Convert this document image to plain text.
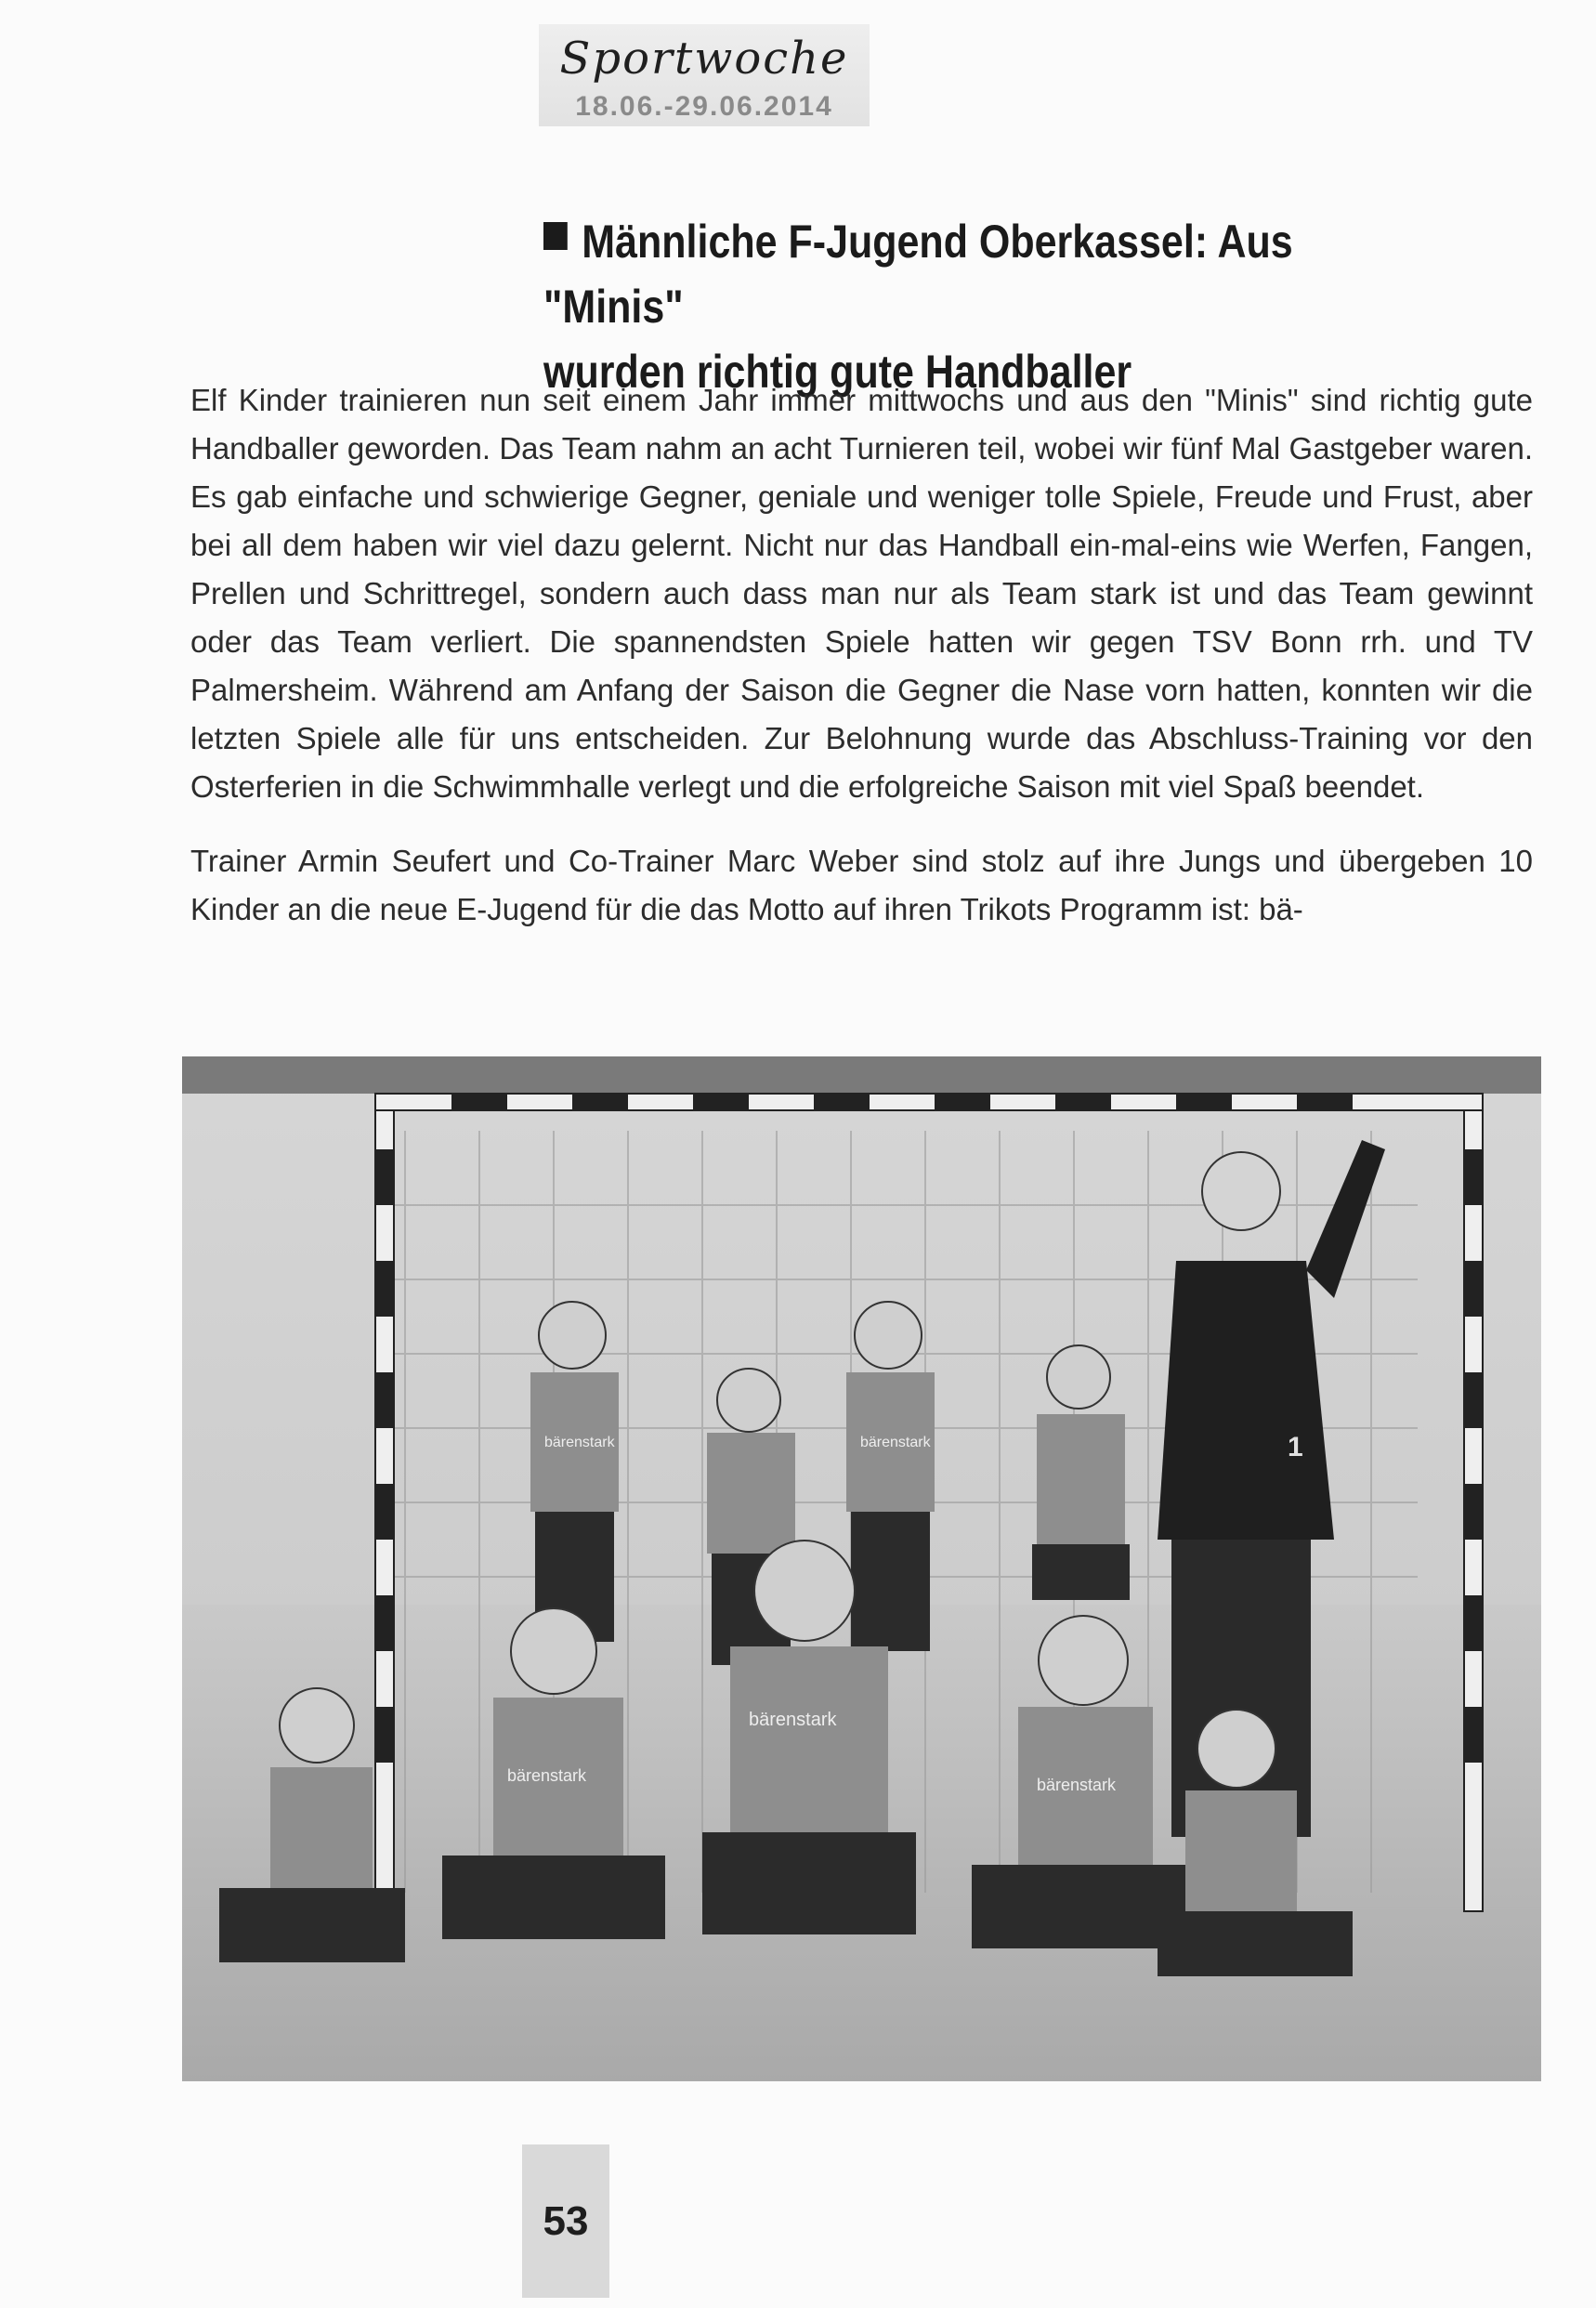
Sportwoche
18.06.-29.06.2014
Männliche F-Jugend Oberkassel: Aus "Minis"
wurden richtig gute Handballer

Elf Kinder trainieren nun seit einem Jahr immer mittwochs und aus den "Minis" sind richtig gute Handballer geworden. Das Team nahm an acht Turnieren teil, wobei wir fünf Mal Gastgeber waren. Es gab einfache und schwierige Gegner, geniale und weniger tolle Spiele, Freude und Frust, aber bei all dem haben wir viel dazu gelernt. Nicht nur das Handball ein-mal-eins wie Werfen, Fangen, Prellen und Schrittregel, sondern auch dass man nur als Team stark ist und das Team gewinnt oder das Team verliert. Die spannendsten Spiele hatten wir gegen TSV Bonn rrh. und TV Palmersheim. Während am Anfang der Saison die Gegner die Nase vorn hatten, konnten wir die letzten Spiele alle für uns entscheiden. Zur Belohnung wurde das Abschluss-Training vor den Osterferien in die Schwimmhalle verlegt und die erfolgreiche Saison mit viel Spaß beendet.

Trainer Armin Seufert und Co-Trainer Marc Weber sind stolz auf ihre Jungs und übergeben 10 Kinder an die neue E-Jugend für die das Motto auf ihren Trikots Programm ist: bä-

1
bärenstark	bärenstark
bärenstark
bärenstark
bärenstark
53
